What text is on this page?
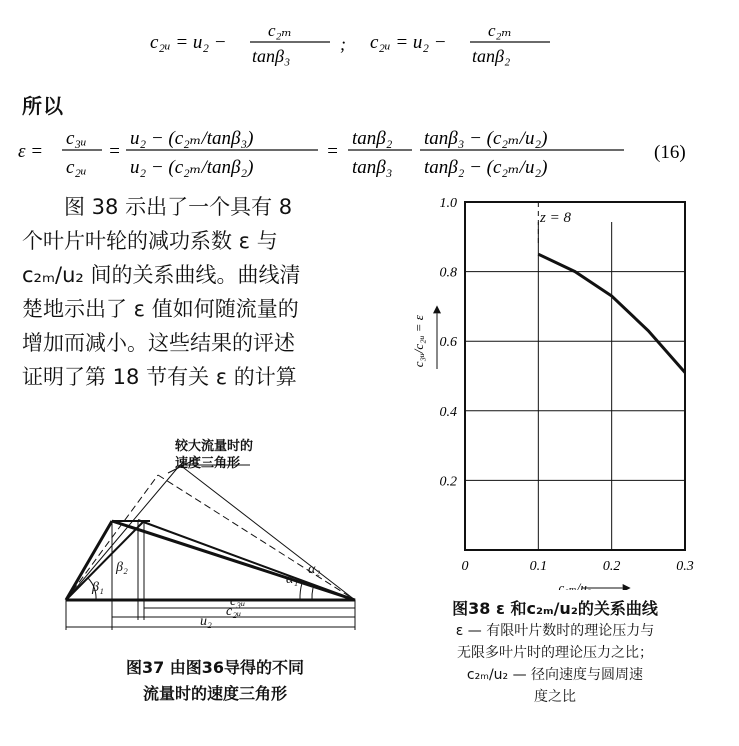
c₂ᵤ = u₂ −
c₂ₘ
tanβ₃
; c₂ᵤ = u₂ −
c₂ₘ
tanβ₂
所以
ε =
c₃ᵤ
c₂ᵤ
=
u₂ − (c₂ₘ/tanβ₃)
u₂ − (c₂ₘ/tanβ₂)
=
tanβ₂
tanβ₃
tanβ₃ − (c₂ₘ/u₂)
tanβ₂ − (c₂ₘ/u₂)
(16)
图 38 示出了一个具有 8
个叶片叶轮的减功系数 ε 与
c₂ₘ/u₂ 间的关系曲线。曲线清
楚地示出了 ε 值如何随流量的
增加而减小。这些结果的评述
证明了第 18 节有关 ε 的计算
β₁
β₂
α₁
α₂
c₃ᵤ
c₂ᵤ
u₂
较大流量时的
速度三角形
图37 由图36导得的不同
流量时的速度三角形
0.2
0.4
0.6
0.8
1.0
0	0.1	0.2	0.3
c₂ₘ/u₂
c₃ᵤ/c₂ᵤ = ε
z = 8
图38 ε 和c₂ₘ/u₂的关系曲线
ε — 有限叶片数时的理论压力与
无限多叶片时的理论压力之比；
c₂ₘ/u₂ — 径向速度与圆周速
度之比
